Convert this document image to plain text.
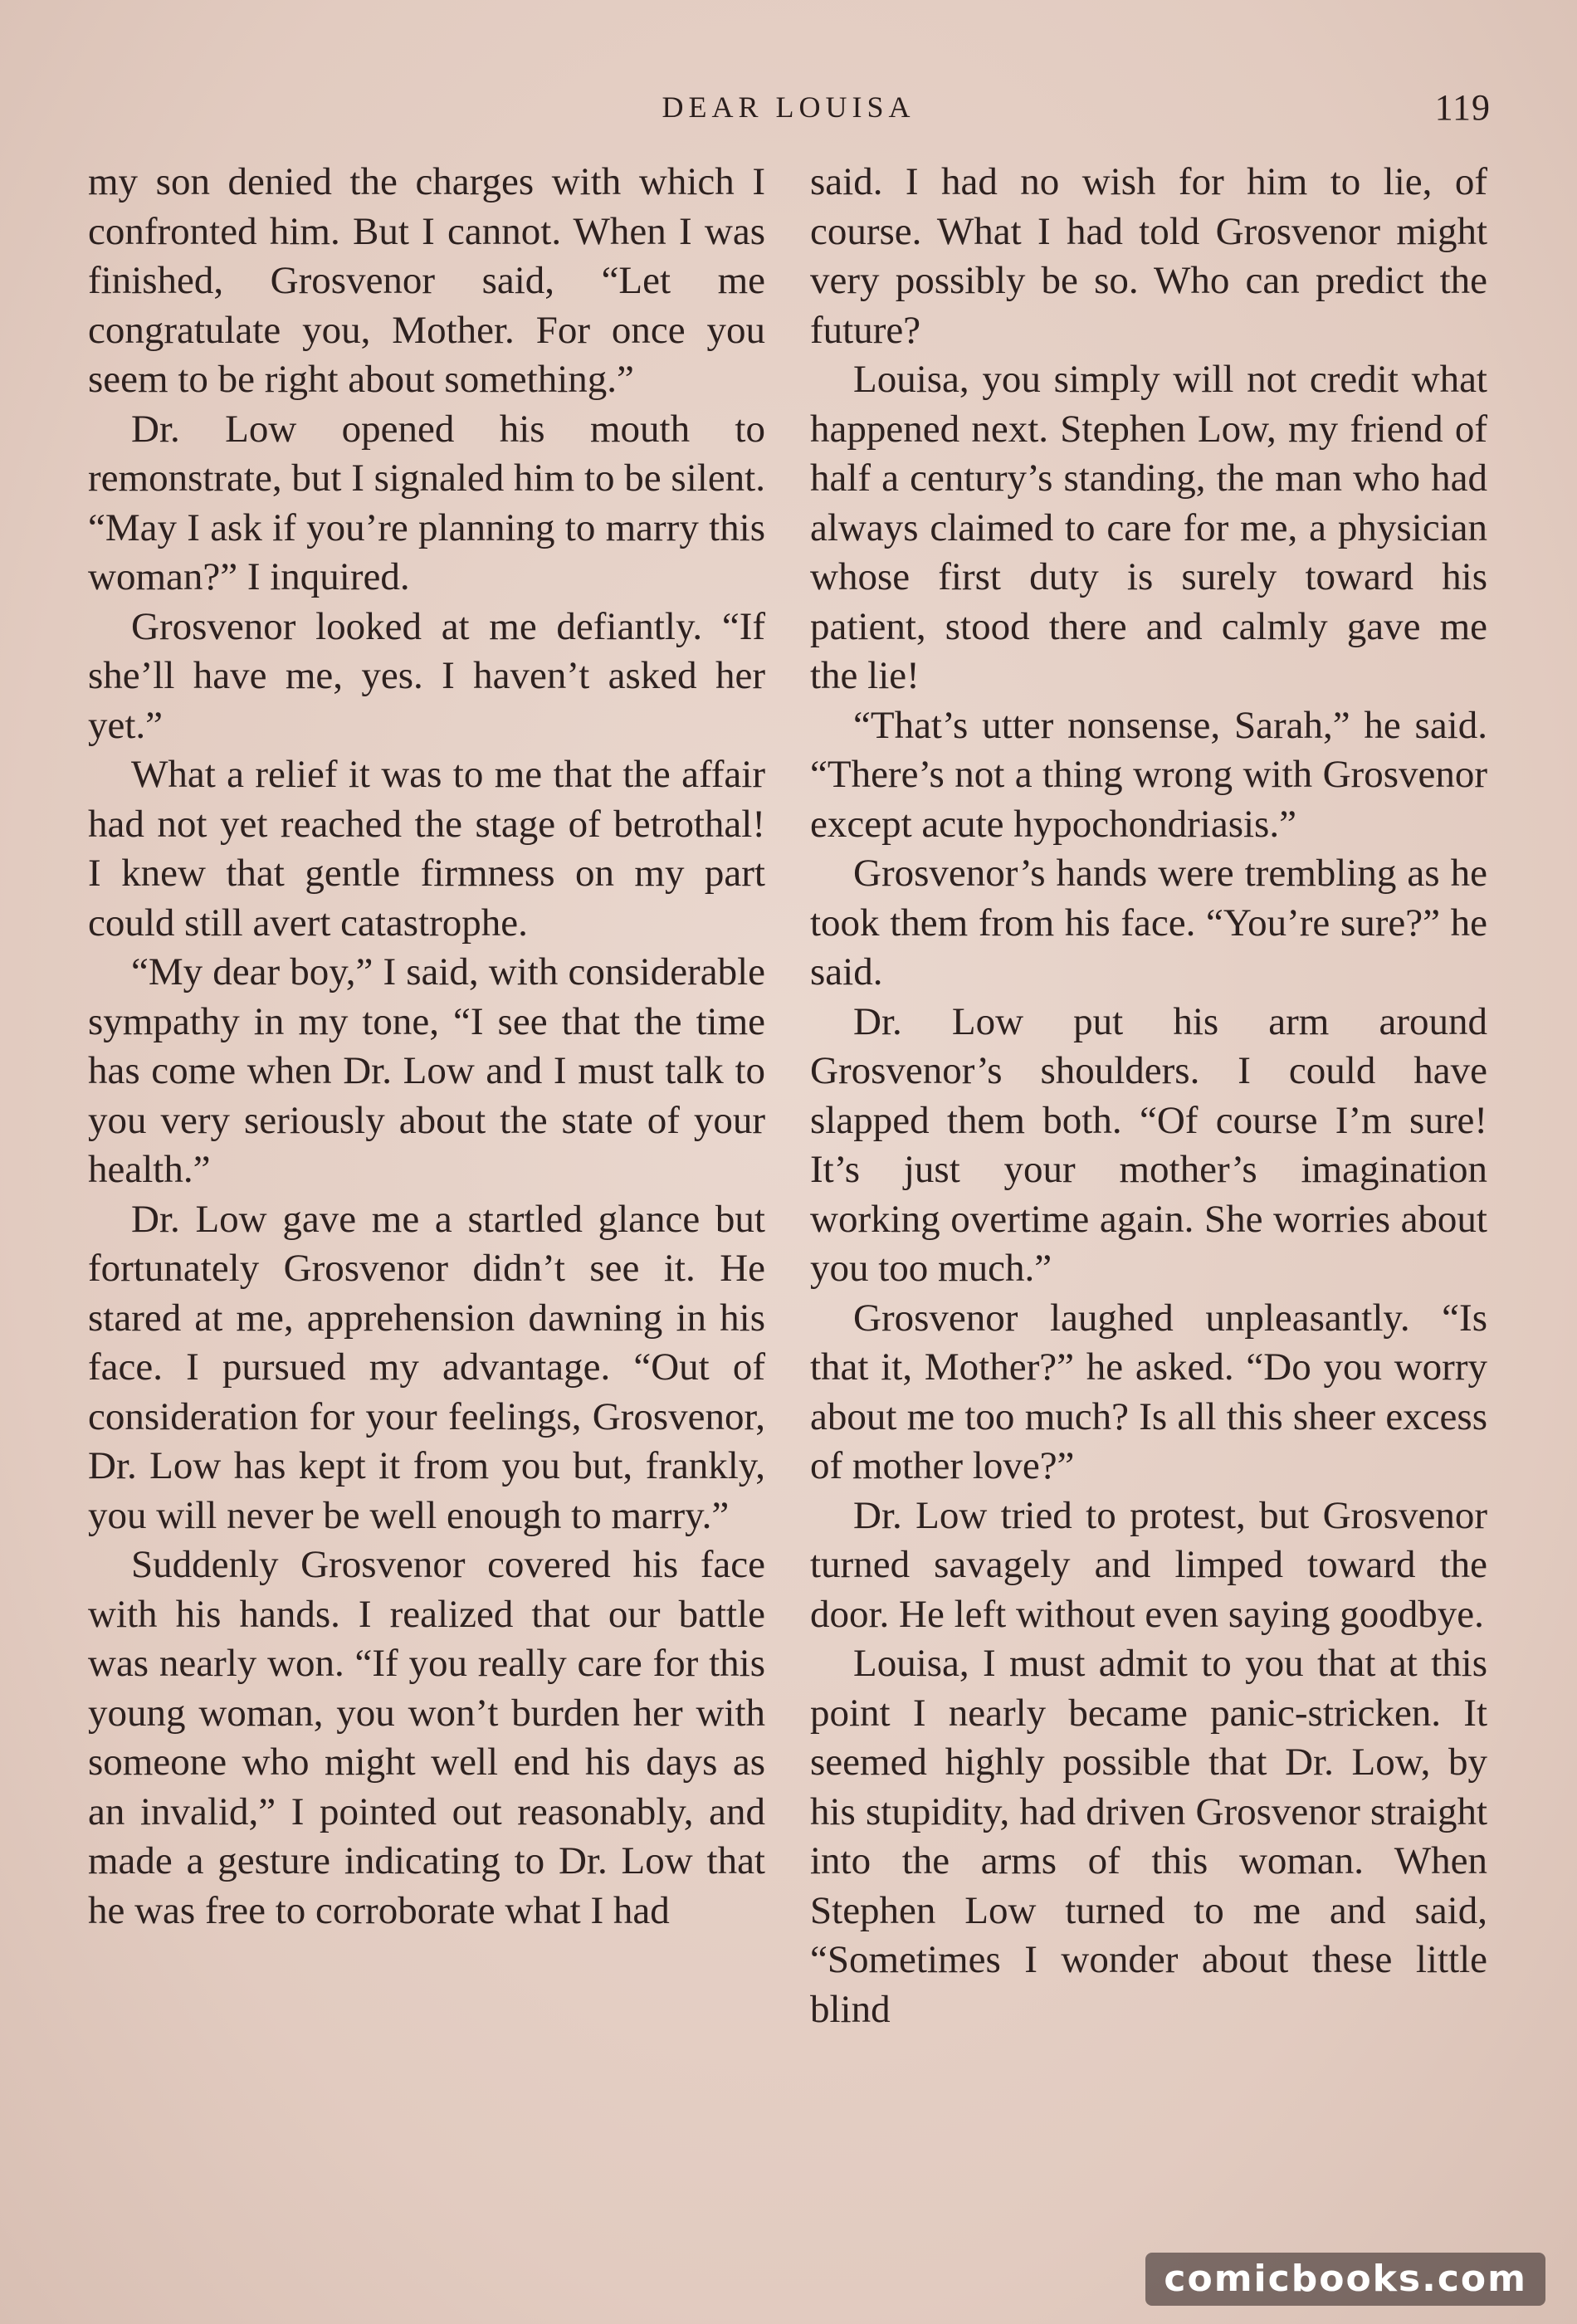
DEAR LOUISA	119

my son denied the charges with which I confronted him. But I cannot. When I was finished, Grosvenor said, “Let me congratulate you, Mother. For once you seem to be right about something.”

Dr. Low opened his mouth to remonstrate, but I signaled him to be silent. “May I ask if you’re planning to marry this woman?” I inquired.

Grosvenor looked at me defiantly. “If she’ll have me, yes. I haven’t asked her yet.”

What a relief it was to me that the affair had not yet reached the stage of betrothal! I knew that gentle firmness on my part could still avert catastrophe.

“My dear boy,” I said, with considerable sympathy in my tone, “I see that the time has come when Dr. Low and I must talk to you very seriously about the state of your health.”

Dr. Low gave me a startled glance but fortunately Grosvenor didn’t see it. He stared at me, apprehension dawning in his face. I pursued my advantage. “Out of consideration for your feelings, Grosvenor, Dr. Low has kept it from you but, frankly, you will never be well enough to marry.”

Suddenly Grosvenor covered his face with his hands. I realized that our battle was nearly won. “If you really care for this young woman, you won’t burden her with someone who might well end his days as an invalid,” I pointed out reasonably, and made a gesture indicating to Dr. Low that he was free to corroborate what I had

said. I had no wish for him to lie, of course. What I had told Grosvenor might very possibly be so. Who can predict the future?

Louisa, you simply will not credit what happened next. Stephen Low, my friend of half a century’s standing, the man who had always claimed to care for me, a physician whose first duty is surely toward his patient, stood there and calmly gave me the lie!

“That’s utter nonsense, Sarah,” he said. “There’s not a thing wrong with Grosvenor except acute hypochondriasis.”

Grosvenor’s hands were trembling as he took them from his face. “You’re sure?” he said.

Dr. Low put his arm around Grosvenor’s shoulders. I could have slapped them both. “Of course I’m sure! It’s just your mother’s imagination working overtime again. She worries about you too much.”

Grosvenor laughed unpleasantly. “Is that it, Mother?” he asked. “Do you worry about me too much? Is all this sheer excess of mother love?”

Dr. Low tried to protest, but Grosvenor turned savagely and limped toward the door. He left without even saying goodbye.

Louisa, I must admit to you that at this point I nearly became panic-stricken. It seemed highly possible that Dr. Low, by his stupidity, had driven Grosvenor straight into the arms of this woman. When Stephen Low turned to me and said, “Sometimes I wonder about these little blind

comicbooks.com
